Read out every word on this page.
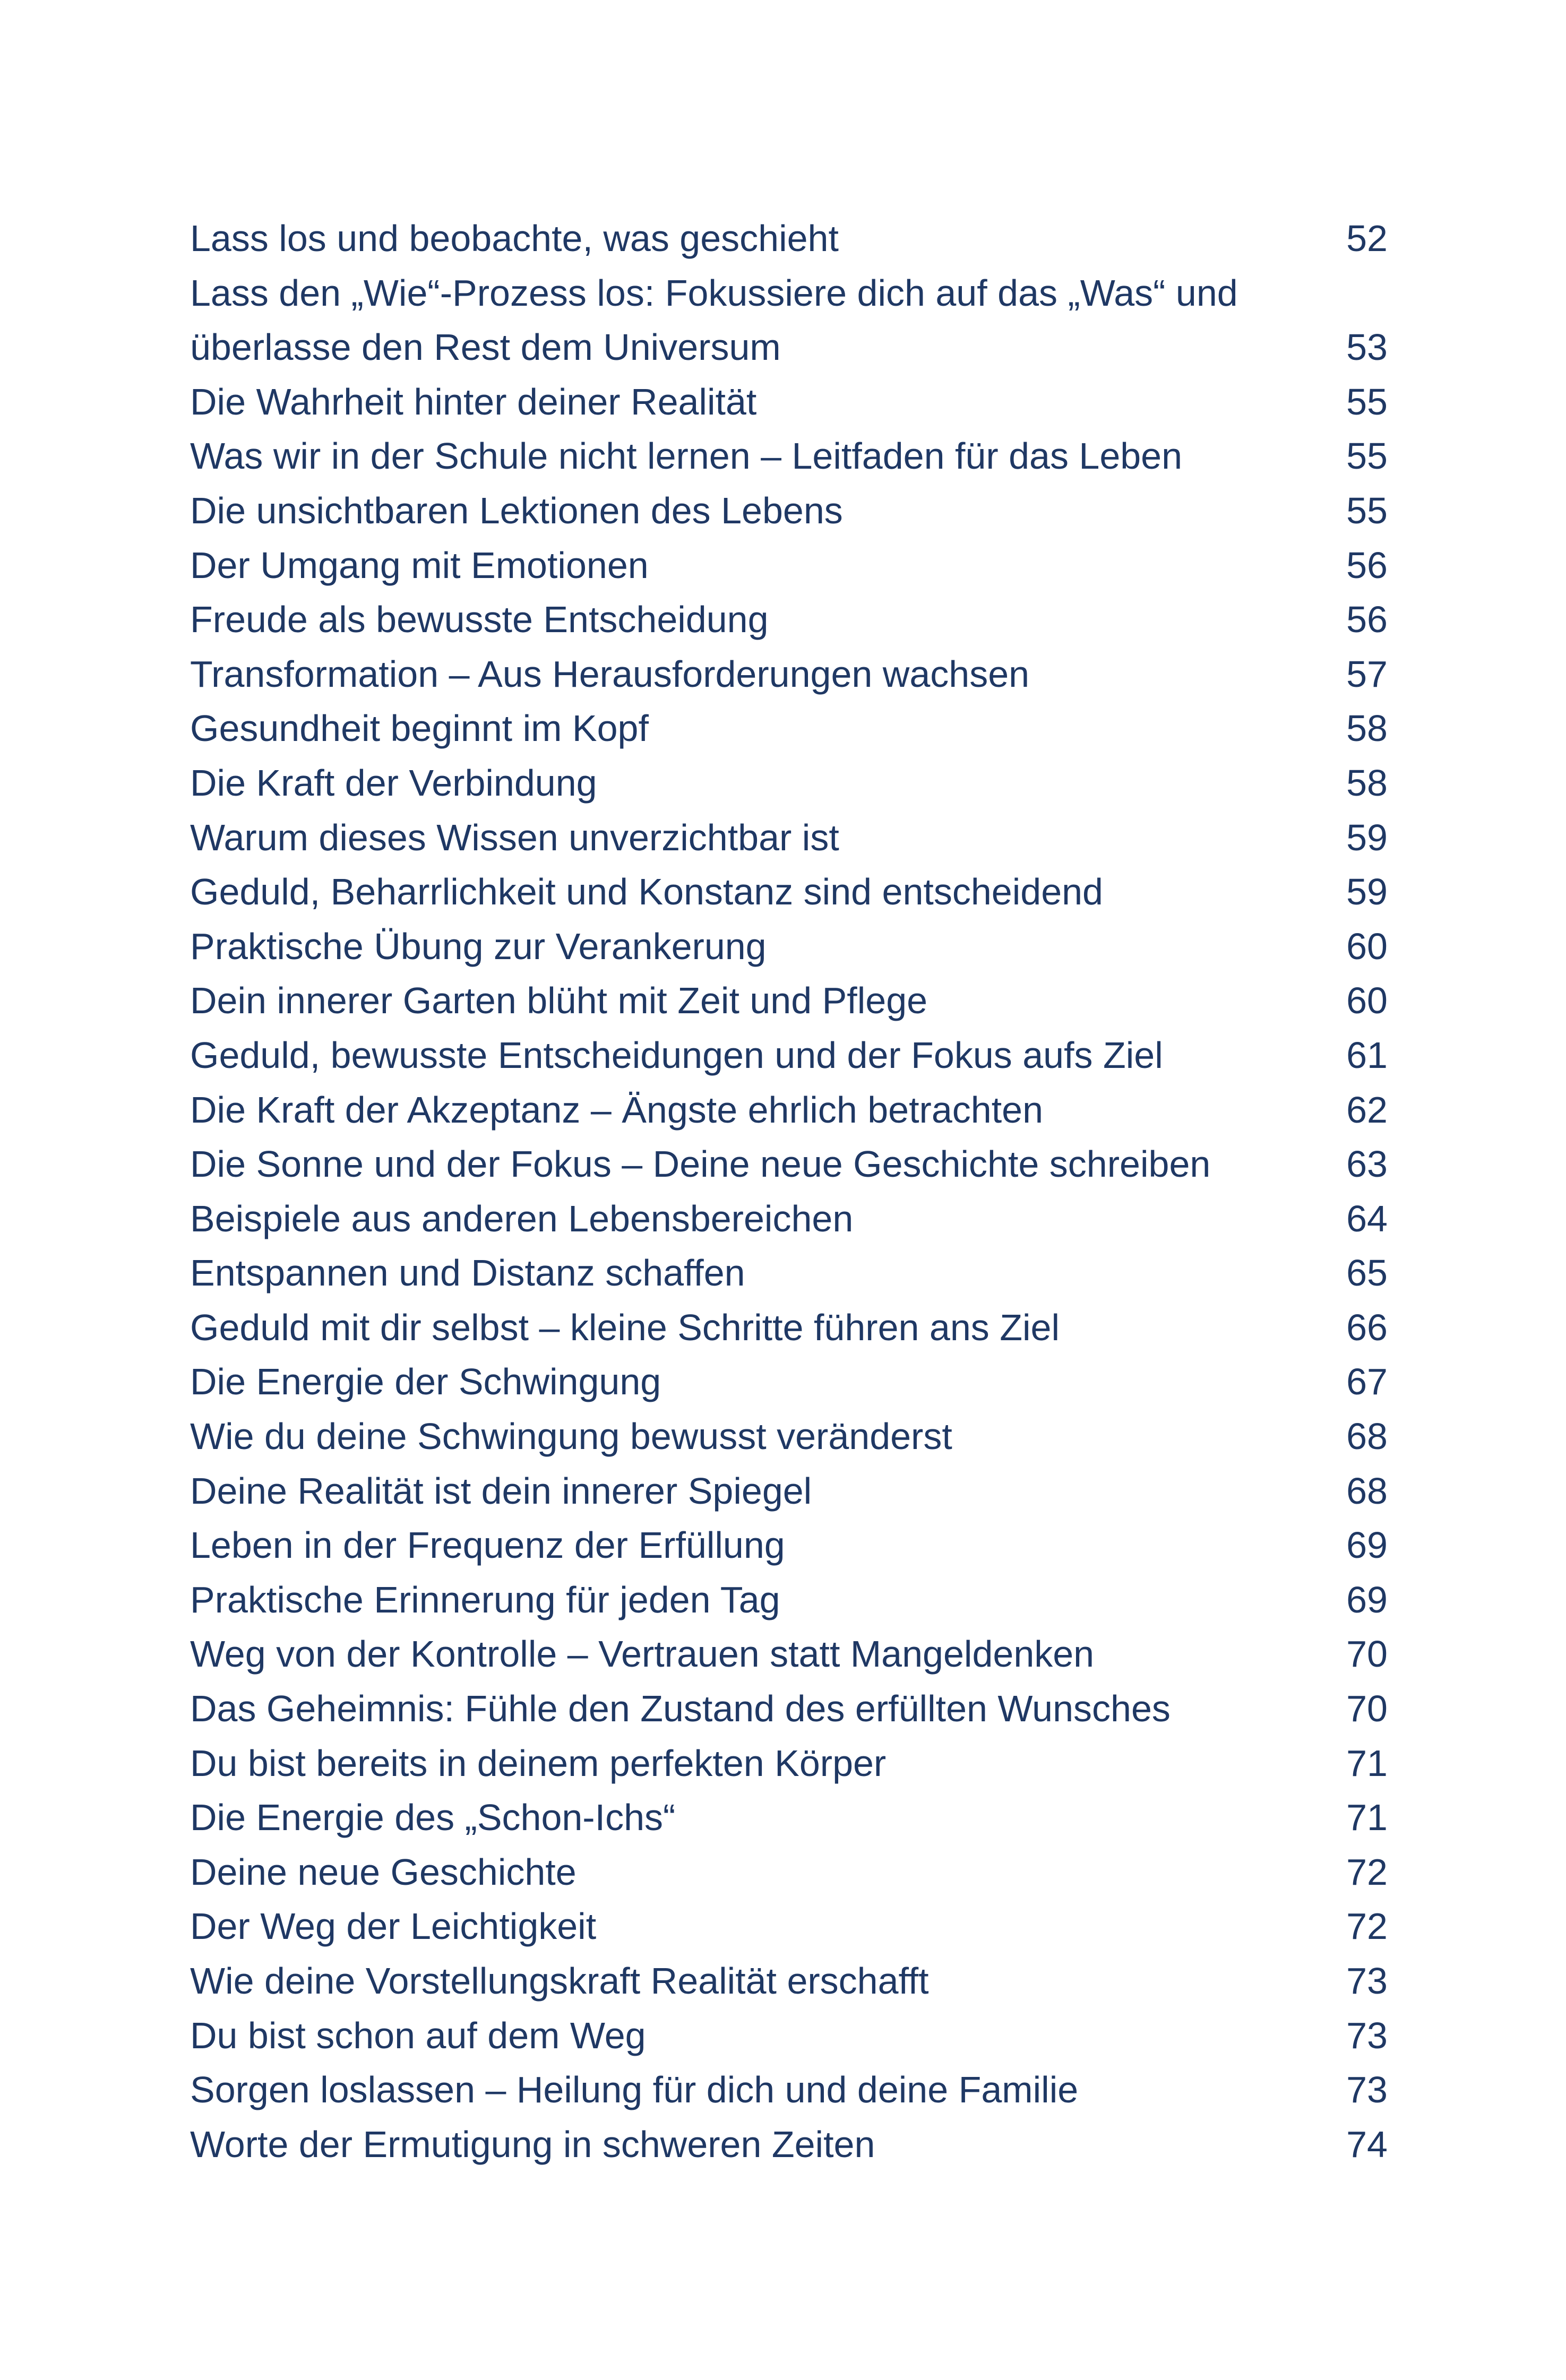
Lass los und beobachte, was geschieht	52
Lass den „Wie“-Prozess los: Fokussiere dich auf das „Was“ und
überlasse den Rest dem Universum	53
Die Wahrheit hinter deiner Realität	55
Was wir in der Schule nicht lernen – Leitfaden für das Leben	55
Die unsichtbaren Lektionen des Lebens	55
Der Umgang mit Emotionen	56
Freude als bewusste Entscheidung	56
Transformation – Aus Herausforderungen wachsen	57
Gesundheit beginnt im Kopf	58
Die Kraft der Verbindung	58
Warum dieses Wissen unverzichtbar ist	59
Geduld, Beharrlichkeit und Konstanz sind entscheidend	59
Praktische Übung zur Verankerung	60
Dein innerer Garten blüht mit Zeit und Pflege	60
Geduld, bewusste Entscheidungen und der Fokus aufs Ziel	61
Die Kraft der Akzeptanz – Ängste ehrlich betrachten	62
Die Sonne und der Fokus – Deine neue Geschichte schreiben	63
Beispiele aus anderen Lebensbereichen	64
Entspannen und Distanz schaffen	65
Geduld mit dir selbst – kleine Schritte führen ans Ziel	66
Die Energie der Schwingung	67
Wie du deine Schwingung bewusst veränderst	68
Deine Realität ist dein innerer Spiegel	68
Leben in der Frequenz der Erfüllung	69
Praktische Erinnerung für jeden Tag	69
Weg von der Kontrolle – Vertrauen statt Mangeldenken	70
Das Geheimnis: Fühle den Zustand des erfüllten Wunsches	70
Du bist bereits in deinem perfekten Körper	71
Die Energie des „Schon-Ichs“	71
Deine neue Geschichte	72
Der Weg der Leichtigkeit	72
Wie deine Vorstellungskraft Realität erschafft	73
Du bist schon auf dem Weg	73
Sorgen loslassen – Heilung für dich und deine Familie	73
Worte der Ermutigung in schweren Zeiten	74
